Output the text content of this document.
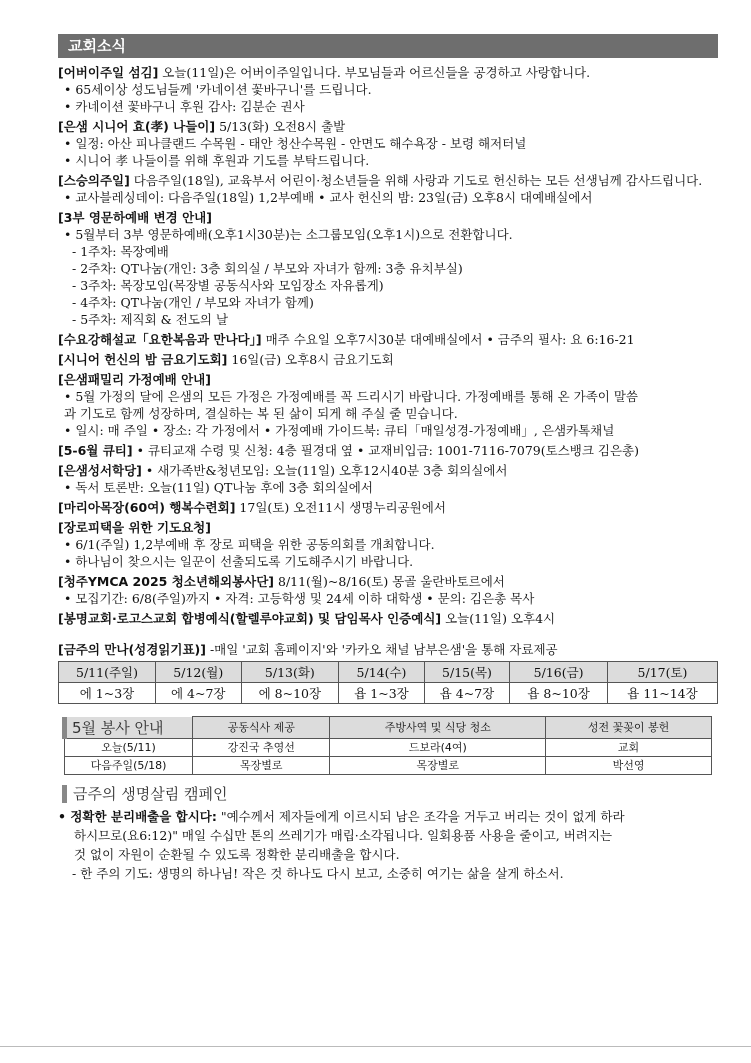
교회소식
[어버이주일 섬김] 오늘(11일)은 어버이주일입니다. 부모님들과 어르신들을 공경하고 사랑합니다.
• 65세이상 성도님들께 '카네이션 꽃바구니'를 드립니다.
• 카네이션 꽃바구니 후원 감사: 김분순 권사
[은샘 시니어 효(孝) 나들이] 5/13(화) 오전8시 출발
• 일정: 아산 피나클랜드 수목원 - 태안 청산수목원 - 안면도 해수욕장 - 보령 해저터널
• 시니어 孝 나들이를 위해 후원과 기도를 부탁드립니다.
[스승의주일] 다음주일(18일), 교육부서 어린이·청소년들을 위해 사랑과 기도로 헌신하는 모든 선생님께 감사드립니다.
• 교사블레싱데이: 다음주일(18일) 1,2부예배 • 교사 헌신의 밤: 23일(금) 오후8시 대예배실에서
[3부 영문하예배 변경 안내]
• 5월부터 3부 영문하예배(오후1시30분)는 소그룹모임(오후1시)으로 전환합니다.
- 1주차: 목장예배
- 2주차: QT나눔(개인: 3층 회의실 / 부모와 자녀가 함께: 3층 유치부실)
- 3주차: 목장모임(목장별 공동식사와 모임장소 자유롭게)
- 4주차: QT나눔(개인 / 부모와 자녀가 함께)
- 5주차: 제직회 & 전도의 날
[수요강해설교「요한복음과 만나다」] 매주 수요일 오후7시30분 대예배실에서 • 금주의 필사: 요 6:16-21
[시니어 헌신의 밤 금요기도회] 16일(금) 오후8시 금요기도회
[은샘패밀리 가정예배 안내]
• 5월 가정의 달에 은샘의 모든 가정은 가정예배를 꼭 드리시기 바랍니다. 가정예배를 통해 온 가족이 말씀
과 기도로 함께 성장하며, 결실하는 복 된 삶이 되게 해 주실 줄 믿습니다.
• 일시: 매 주일 • 장소: 각 가정에서 • 가정예배 가이드북: 큐티「매일성경-가정예배」, 은샘카톡채널
[5-6월 큐티] • 큐티교재 수령 및 신청: 4층 필경대 옆 • 교재비입금: 1001-7116-7079(토스뱅크 김은총)
[은샘성서학당] • 새가족반&청년모임: 오늘(11일) 오후12시40분 3층 회의실에서
• 독서 토론반: 오늘(11일) QT나눔 후에 3층 회의실에서
[마리아목장(60여) 행복수련회] 17일(토) 오전11시 생명누리공원에서
[장로피택을 위한 기도요청]
• 6/1(주일) 1,2부예배 후 장로 피택을 위한 공동의회를 개최합니다.
• 하나님이 찾으시는 일꾼이 선출되도록 기도해주시기 바랍니다.
[청주YMCA 2025 청소년해외봉사단] 8/11(월)~8/16(토) 몽골 울란바토르에서
• 모집기간: 6/8(주일)까지 • 자격: 고등학생 및 24세 이하 대학생 • 문의: 김은총 목사
[봉명교회·로고스교회 합병예식(할렐루야교회) 및 담임목사 인증예식] 오늘(11일) 오후4시
[금주의 만나(성경읽기표)] -매일 '교회 홈페이지'와 '카카오 채널 남부은샘'을 통해 자료제공
5/11(주일)	5/12(월)	5/13(화)	5/14(수)	5/15(목)	5/16(금)	5/17(토)
에 1~3장	에 4~7장	에 8~10장	욥 1~3장	욥 4~7장	욥 8~10장	욥 11~14장
5월 봉사 안내	공동식사 제공	주방사역 및 식당 청소	성전 꽃꽂이 봉헌
오늘(5/11)	강진국 추영선	드보라(4여)	교회
다음주일(5/18)	목장별로	목장별로	박선영
금주의 생명살림 캠페인
• 정확한 분리배출을 합시다: "예수께서 제자들에게 이르시되 남은 조각을 거두고 버리는 것이 없게 하라
하시므로(요6:12)" 매일 수십만 톤의 쓰레기가 매립·소각됩니다. 일회용품 사용을 줄이고, 버려지는
것 없이 자원이 순환될 수 있도록 정확한 분리배출을 합시다.
- 한 주의 기도: 생명의 하나님! 작은 것 하나도 다시 보고, 소중히 여기는 삶을 살게 하소서.
